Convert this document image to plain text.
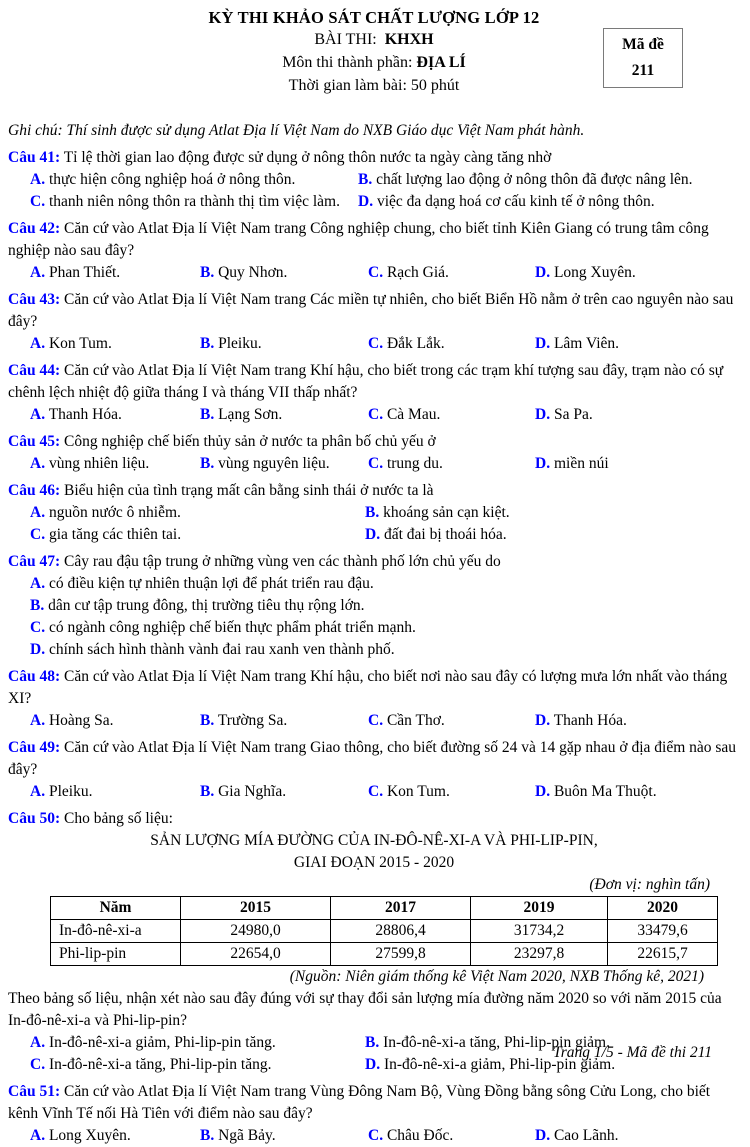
KỲ THI KHẢO SÁT CHẤT LƯỢNG LỚP 12
BÀI THI: KHXH
Môn thi thành phần: ĐỊA LÍ
Thời gian làm bài: 50 phút
Mã đề
211
Ghi chú: Thí sinh được sử dụng Atlat Địa lí Việt Nam do NXB Giáo dục Việt Nam phát hành.
Câu 41: Tỉ lệ thời gian lao động được sử dụng ở nông thôn nước ta ngày càng tăng nhờ
A. thực hiện công nghiệp hoá ở nông thôn.	B. chất lượng lao động ở nông thôn đã được nâng lên.
C. thanh niên nông thôn ra thành thị tìm việc làm.	D. việc đa dạng hoá cơ cấu kinh tế ở nông thôn.
Câu 42: Căn cứ vào Atlat Địa lí Việt Nam trang Công nghiệp chung, cho biết tỉnh Kiên Giang có trung tâm công nghiệp nào sau đây?
A. Phan Thiết.	B. Quy Nhơn.	C. Rạch Giá.	D. Long Xuyên.
Câu 43: Căn cứ vào Atlat Địa lí Việt Nam trang Các miền tự nhiên, cho biết Biển Hồ nằm ở trên cao nguyên nào sau đây?
A. Kon Tum.	B. Pleiku.	C. Đắk Lắk.	D. Lâm Viên.
Câu 44: Căn cứ vào Atlat Địa lí Việt Nam trang Khí hậu, cho biết trong các trạm khí tượng sau đây, trạm nào có sự chênh lệch nhiệt độ giữa tháng I và tháng VII thấp nhất?
A. Thanh Hóa.	B. Lạng Sơn.	C. Cà Mau.	D. Sa Pa.
Câu 45: Công nghiệp chế biến thủy sản ở nước ta phân bố chủ yếu ở
A. vùng nhiên liệu.	B. vùng nguyên liệu.	C. trung du.	D. miền núi
Câu 46: Biểu hiện của tình trạng mất cân bằng sinh thái ở nước ta là
A. nguồn nước ô nhiễm.	B. khoáng sản cạn kiệt.
C. gia tăng các thiên tai.	D. đất đai bị thoái hóa.
Câu 47: Cây rau đậu tập trung ở những vùng ven các thành phố lớn chủ yếu do
A. có điều kiện tự nhiên thuận lợi để phát triển rau đậu.
B. dân cư tập trung đông, thị trường tiêu thụ rộng lớn.
C. có ngành công nghiệp chế biến thực phẩm phát triển mạnh.
D. chính sách hình thành vành đai rau xanh ven thành phố.
Câu 48: Căn cứ vào Atlat Địa lí Việt Nam trang Khí hậu, cho biết nơi nào sau đây có lượng mưa lớn nhất vào tháng XI?
A. Hoàng Sa.	B. Trường Sa.	C. Cần Thơ.	D. Thanh Hóa.
Câu 49: Căn cứ vào Atlat Địa lí Việt Nam trang Giao thông, cho biết đường số 24 và 14 gặp nhau ở địa điểm nào sau đây?
A. Pleiku.	B. Gia Nghĩa.	C. Kon Tum.	D. Buôn Ma Thuột.
Câu 50: Cho bảng số liệu:
SẢN LƯỢNG MÍA ĐƯỜNG CỦA IN-ĐÔ-NÊ-XI-A VÀ PHI-LIP-PIN,
GIAI ĐOẠN 2015 - 2020
(Đơn vị: nghìn tấn)
Năm	2015	2017	2019	2020
In-đô-nê-xi-a	24980,0	28806,4	31734,2	33479,6
Phi-lip-pin	22654,0	27599,8	23297,8	22615,7
(Nguồn: Niên giám thống kê Việt Nam 2020, NXB Thống kê, 2021)
Theo bảng số liệu, nhận xét nào sau đây đúng với sự thay đổi sản lượng mía đường năm 2020 so với năm 2015 của In-đô-nê-xi-a và Phi-lip-pin?
A. In-đô-nê-xi-a giảm, Phi-lip-pin tăng.	B. In-đô-nê-xi-a tăng, Phi-lip-pin giảm.
C. In-đô-nê-xi-a tăng, Phi-lip-pin tăng.	D. In-đô-nê-xi-a giảm, Phi-lip-pin giảm.
Câu 51: Căn cứ vào Atlat Địa lí Việt Nam trang Vùng Đông Nam Bộ, Vùng Đồng bằng sông Cửu Long, cho biết kênh Vĩnh Tế nối Hà Tiên với điểm nào sau đây?
A. Long Xuyên.	B. Ngã Bảy.	C. Châu Đốc.	D. Cao Lãnh.
Trang 1/5 - Mã đề thi 211
